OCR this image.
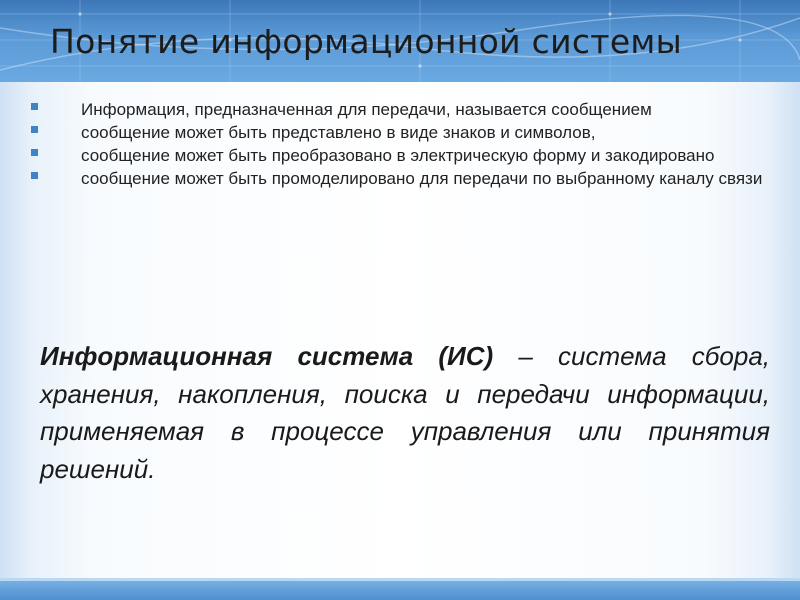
Понятие информационной системы
Информация, предназначенная для передачи, называется сообщением
сообщение может быть представлено в виде знаков и символов,
сообщение может быть преобразовано в электрическую форму и закодировано
сообщение может быть промоделировано для передачи по выбранному каналу связи

Информационная система (ИС) – система сбора, хранения, накопления, поиска и передачи информации, применяемая в процессе управления или принятия решений.
